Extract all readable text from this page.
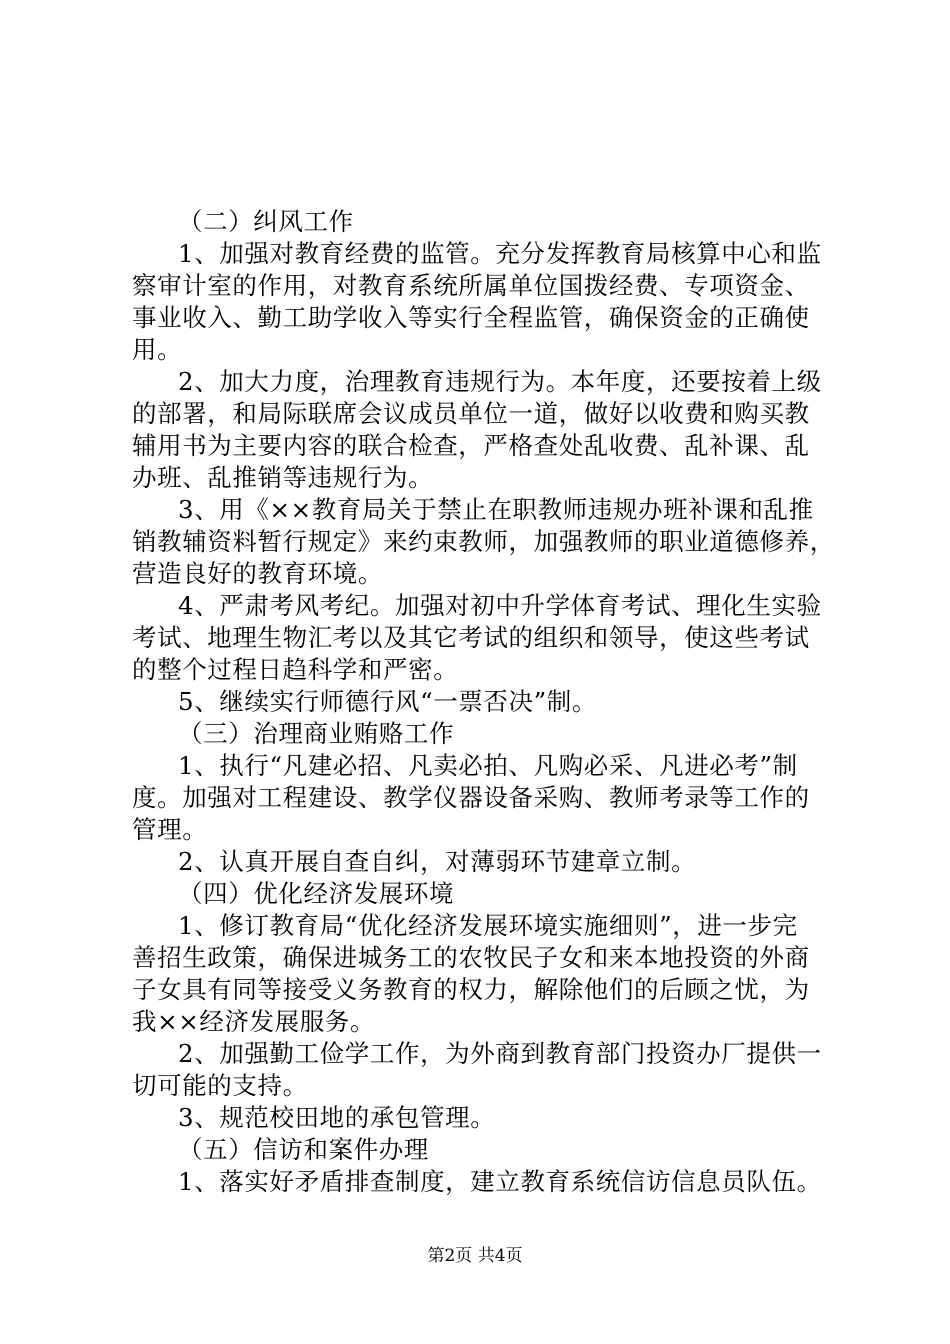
（二）纠风工作
1、加强对教育经费的监管。充分发挥教育局核算中心和监
察审计室的作用，对教育系统所属单位国拨经费、专项资金、
事业收入、勤工助学收入等实行全程监管，确保资金的正确使
用。
2、加大力度，治理教育违规行为。本年度，还要按着上级
的部署，和局际联席会议成员单位一道，做好以收费和购买教
辅用书为主要内容的联合检查，严格查处乱收费、乱补课、乱
办班、乱推销等违规行为。
3、用《××教育局关于禁止在职教师违规办班补课和乱推
销教辅资料暂行规定》来约束教师，加强教师的职业道德修养，
营造良好的教育环境。
4、严肃考风考纪。加强对初中升学体育考试、理化生实验
考试、地理生物汇考以及其它考试的组织和领导，使这些考试
的整个过程日趋科学和严密。
5、继续实行师德行风“一票否决”制。
（三）治理商业贿赂工作
1、执行“凡建必招、凡卖必拍、凡购必采、凡进必考”制
度。加强对工程建设、教学仪器设备采购、教师考录等工作的
管理。
2、认真开展自查自纠，对薄弱环节建章立制。
（四）优化经济发展环境
1、修订教育局“优化经济发展环境实施细则”，进一步完
善招生政策，确保进城务工的农牧民子女和来本地投资的外商
子女具有同等接受义务教育的权力，解除他们的后顾之忧，为
我××经济发展服务。
2、加强勤工俭学工作，为外商到教育部门投资办厂提供一
切可能的支持。
3、规范校田地的承包管理。
（五）信访和案件办理
1、落实好矛盾排查制度，建立教育系统信访信息员队伍。
第2页 共4页
